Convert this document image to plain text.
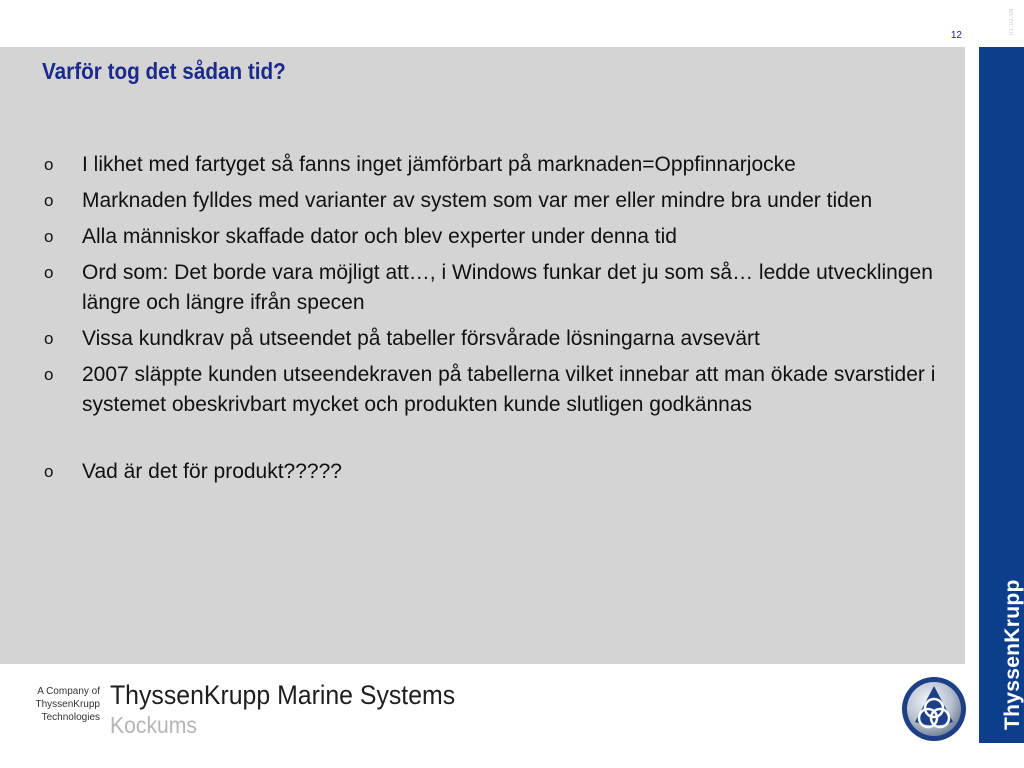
12
01.02.08
Varför tog det sådan tid?
o I likhet med fartyget så fanns inget jämförbart på marknaden=Oppfinnarjocke
o Marknaden fylldes med varianter av system som var mer eller mindre bra under tiden
o Alla människor skaffade dator och blev experter under denna tid
o Ord som: Det borde vara möjligt att…, i Windows funkar det ju som så… ledde utvecklingen längre och längre ifrån specen
o Vissa kundkrav på utseendet på tabeller försvårade lösningarna avsevärt
o 2007 släppte kunden utseendekraven på tabellerna vilket innebar att man ökade svarstider i systemet obeskrivbart mycket och produkten kunde slutligen godkännas
o Vad är det för produkt?????
ThyssenKrupp
A Company of ThyssenKrupp Technologies
ThyssenKrupp Marine Systems
Kockums
